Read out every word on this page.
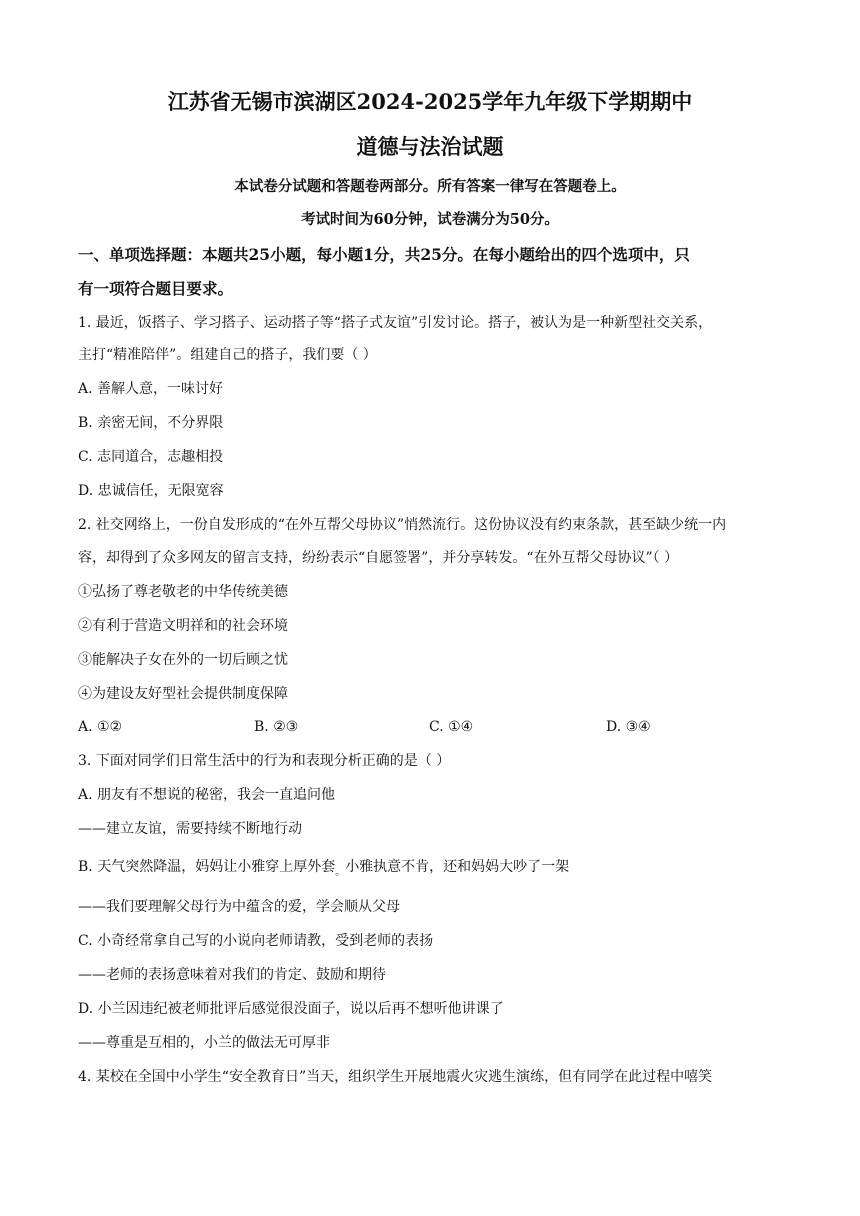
江苏省无锡市滨湖区2024-2025学年九年级下学期期中
道德与法治试题
本试卷分试题和答题卷两部分。所有答案一律写在答题卷上。
考试时间为60分钟，试卷满分为50分。
一、单项选择题：本题共25小题，每小题1分，共25分。在每小题给出的四个选项中，只
有一项符合题目要求。
1. 最近，饭搭子、学习搭子、运动搭子等“搭子式友谊”引发讨论。搭子，被认为是一种新型社交关系，
主打“精准陪伴”。组建自己的搭子，我们要（ ）
A. 善解人意，一味讨好
B. 亲密无间，不分界限
C. 志同道合，志趣相投
D. 忠诚信任，无限宽容
2. 社交网络上，一份自发形成的“在外互帮父母协议”悄然流行。这份协议没有约束条款，甚至缺少统一内
容，却得到了众多网友的留言支持，纷纷表示“自愿签署”，并分享转发。“在外互帮父母协议”（ ）
①弘扬了尊老敬老的中华传统美德
②有利于营造文明祥和的社会环境
③能解决子女在外的一切后顾之忧
④为建设友好型社会提供制度保障
A. ①②	B. ②③	C. ①④	D. ③④
3. 下面对同学们日常生活中的行为和表现分析正确的是（ ）
A. 朋友有不想说的秘密，我会一直追问他
——建立友谊，需要持续不断地行动
B. 天气突然降温，妈妈让小雅穿上厚外套$_。$小雅执意不肯，还和妈妈大吵了一架
——我们要理解父母行为中蕴含的爱，学会顺从父母
C. 小奇经常拿自己写的小说向老师请教，受到老师的表扬
——老师的表扬意味着对我们的肯定、鼓励和期待
D. 小兰因违纪被老师批评后感觉很没面子，说以后再不想听他讲课了
——尊重是互相的，小兰的做法无可厚非
4. 某校在全国中小学生“安全教育日”当天，组织学生开展地震火灾逃生演练，但有同学在此过程中嘻笑
